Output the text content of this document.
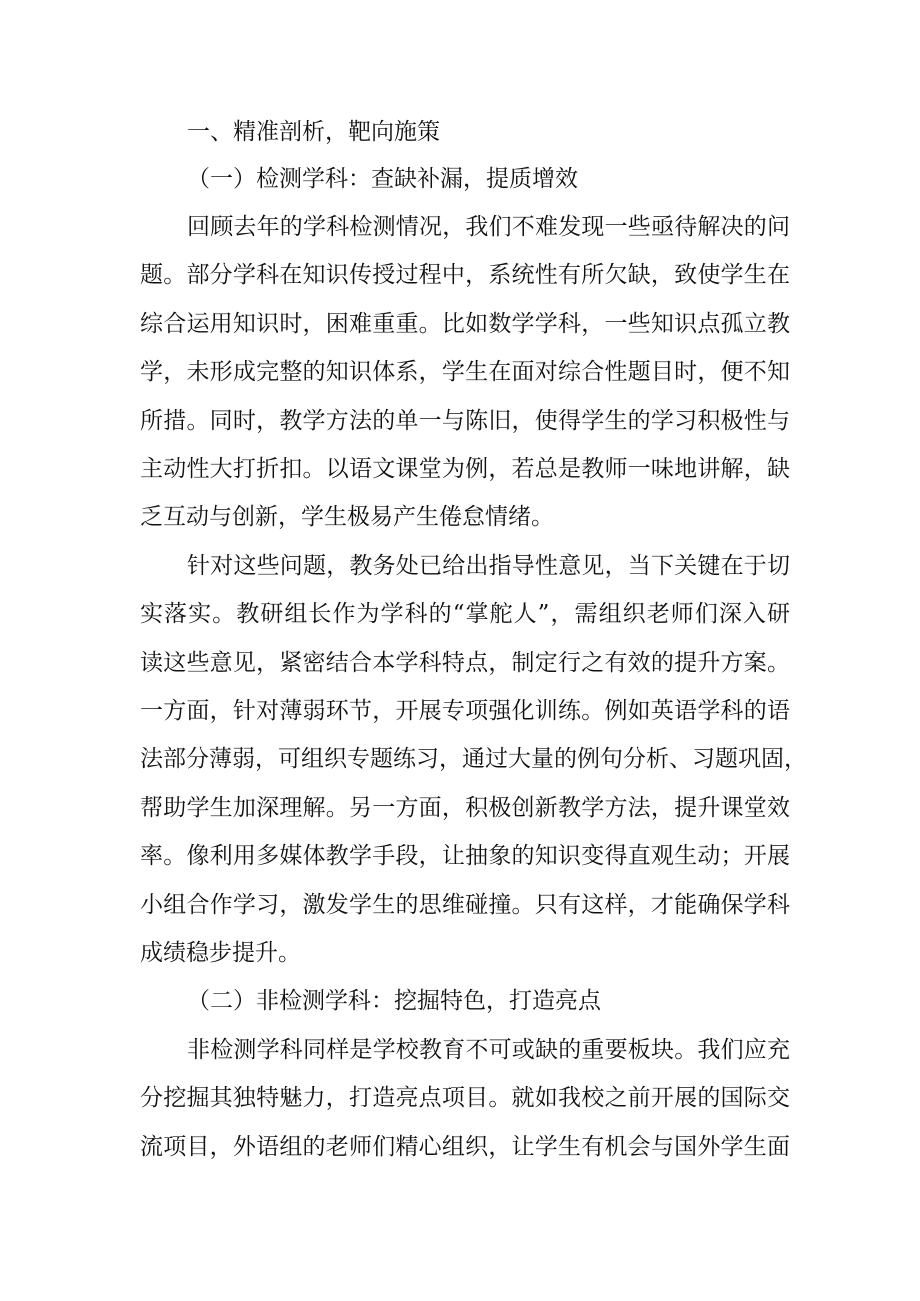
一、精准剖析，靶向施策

（一）检测学科：查缺补漏，提质增效

回顾去年的学科检测情况，我们不难发现一些亟待解决的问

题。部分学科在知识传授过程中，系统性有所欠缺，致使学生在

综合运用知识时，困难重重。比如数学学科，一些知识点孤立教

学，未形成完整的知识体系，学生在面对综合性题目时，便不知

所措。同时，教学方法的单一与陈旧，使得学生的学习积极性与

主动性大打折扣。以语文课堂为例，若总是教师一味地讲解，缺

乏互动与创新，学生极易产生倦怠情绪。

针对这些问题，教务处已给出指导性意见，当下关键在于切

实落实。教研组长作为学科的“掌舵人”，需组织老师们深入研

读这些意见，紧密结合本学科特点，制定行之有效的提升方案。

一方面，针对薄弱环节，开展专项强化训练。例如英语学科的语

法部分薄弱，可组织专题练习，通过大量的例句分析、习题巩固，

帮助学生加深理解。另一方面，积极创新教学方法，提升课堂效

率。像利用多媒体教学手段，让抽象的知识变得直观生动；开展

小组合作学习，激发学生的思维碰撞。只有这样，才能确保学科

成绩稳步提升。

（二）非检测学科：挖掘特色，打造亮点

非检测学科同样是学校教育不可或缺的重要板块。我们应充

分挖掘其独特魅力，打造亮点项目。就如我校之前开展的国际交

流项目，外语组的老师们精心组织，让学生有机会与国外学生面
